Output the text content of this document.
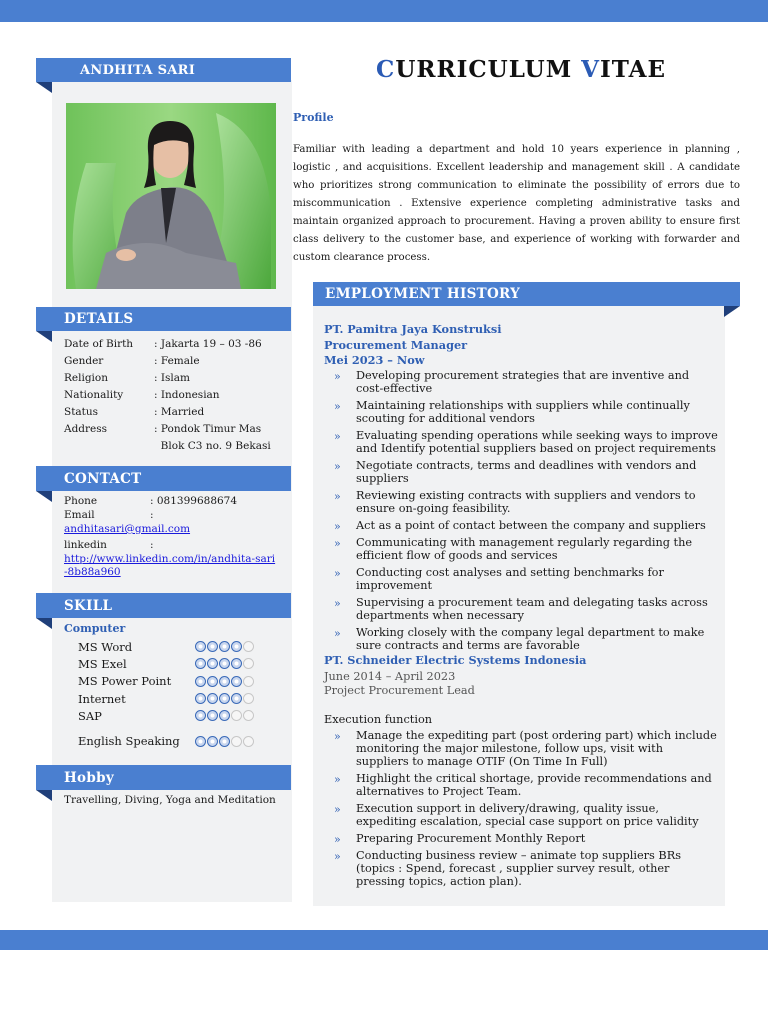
ANDHITA SARI
DETAILS
Date of Birth	: Jakarta 19 – 03 -86
Gender	: Female
Religion	: Islam
Nationality	: Indonesian
Status	: Married
Address	: Pondok Timur Mas
Blok C3 no. 9 Bekasi
CONTACT
Phone	: 081399688674
Email	:
andhitasari@gmail.com
linkedin	:
http://www.linkedin.com/in/andhita-sari-8b88a960
SKILL
Computer
MS Word
MS Exel
MS Power Point
Internet
SAP
English Speaking
Hobby
Travelling, Diving, Yoga and Meditation
CURRICULUM VITAE
Profile
Familiar with leading a department and hold 10 years experience in planning , logistic , and acquisitions. Excellent leadership and management skill . A candidate who prioritizes strong communication to eliminate the possibility of errors due to miscommunication . Extensive experience completing administrative tasks and maintain organized approach to procurement. Having a proven ability to ensure first class delivery to the customer base, and experience of working with forwarder and custom clearance process.
EMPLOYMENT HISTORY
PT. Pamitra Jaya Konstruksi
Procurement Manager
Mei 2023 – Now
» Developing procurement strategies that are inventive and cost-effective
» Maintaining relationships with suppliers while continually scouting for additional vendors
» Evaluating spending operations while seeking ways to improve and Identify potential suppliers based on project requirements
» Negotiate contracts, terms and deadlines with vendors and suppliers
» Reviewing existing contracts with suppliers and vendors to ensure on-going feasibility.
» Act as a point of contact between the company and suppliers
» Communicating with management regularly regarding the efficient flow of goods and services
» Conducting cost analyses and setting benchmarks for improvement
» Supervising a procurement team and delegating tasks across departments when necessary
» Working closely with the company legal department to make sure contracts and terms are favorable
PT. Schneider Electric Systems Indonesia
June 2014 – April 2023
Project Procurement Lead
Execution function
» Manage the expediting part (post ordering part) which include monitoring the major milestone, follow ups, visit with suppliers to manage OTIF (On Time In Full)
» Highlight the critical shortage, provide recommendations and alternatives to Project Team.
» Execution support in delivery/drawing, quality issue, expediting escalation, special case support on price validity
» Preparing Procurement Monthly Report
» Conducting business review – animate top suppliers BRs (topics : Spend, forecast , supplier survey result, other pressing topics, action plan).
